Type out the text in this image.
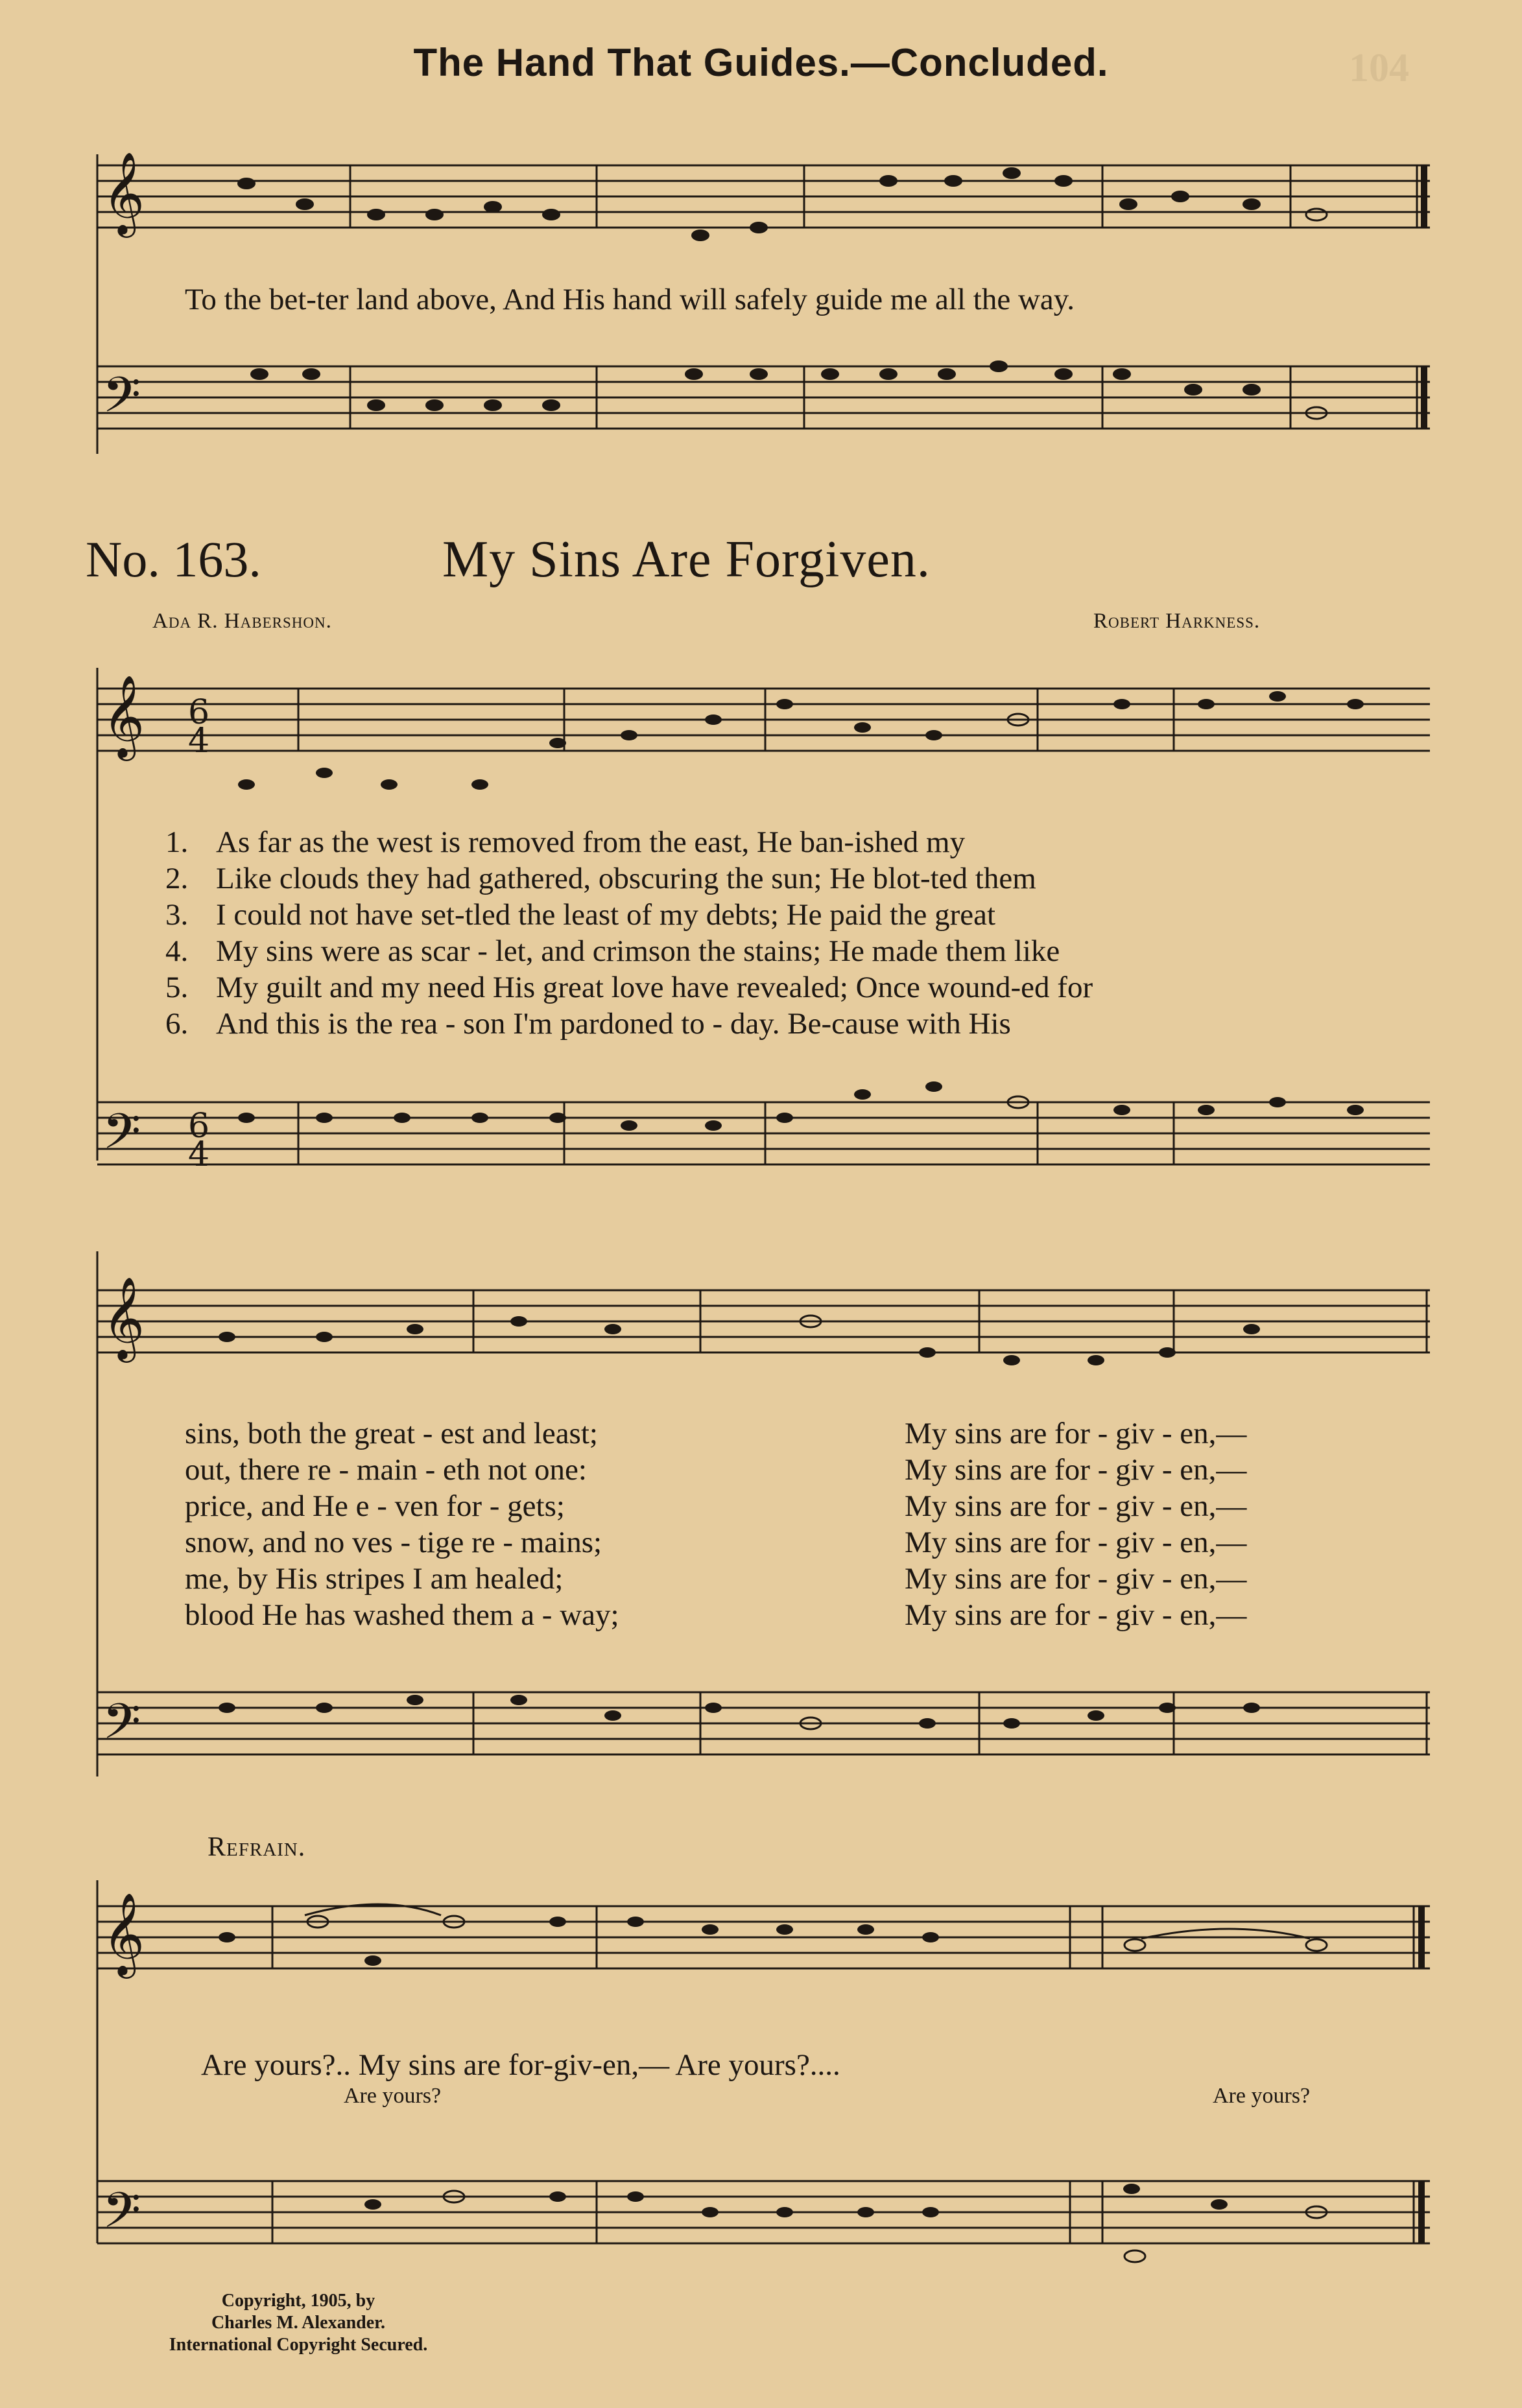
The Hand That Guides.—Concluded.	104
𝄞
𝄢
To the bet-ter land above, And His hand will safely guide me all the way.
No. 163.	My Sins Are Forgiven.
Ada R. Habershon.	Robert Harkness.
𝄞
𝄢
6
4
6
4
1. As far as the west is removed from the east, He ban-ished my
2. Like clouds they had gathered, obscuring the sun; He blot-ted them
3. I could not have set-tled the least of my debts; He paid the great
4. My sins were as scar - let, and crimson the stains; He made them like
5. My guilt and my need His great love have revealed; Once wound-ed for
6. And this is the rea - son I'm pardoned to - day. Be-cause with His
𝄞
𝄢
sins, both the great - est and least;	My sins are for - giv - en,—
out, there re - main - eth not one:	My sins are for - giv - en,—
price, and He e - ven for - gets;	My sins are for - giv - en,—
snow, and no ves - tige re - mains;	My sins are for - giv - en,—
me, by His stripes I am healed;	My sins are for - giv - en,—
blood He has washed them a - way;	My sins are for - giv - en,—
Refrain.
𝄞
𝄢
Are yours?.. My sins are for-giv-en,— Are yours?....
Are yours?	Are yours?
Copyright, 1905, by
Charles M. Alexander.
International Copyright Secured.
